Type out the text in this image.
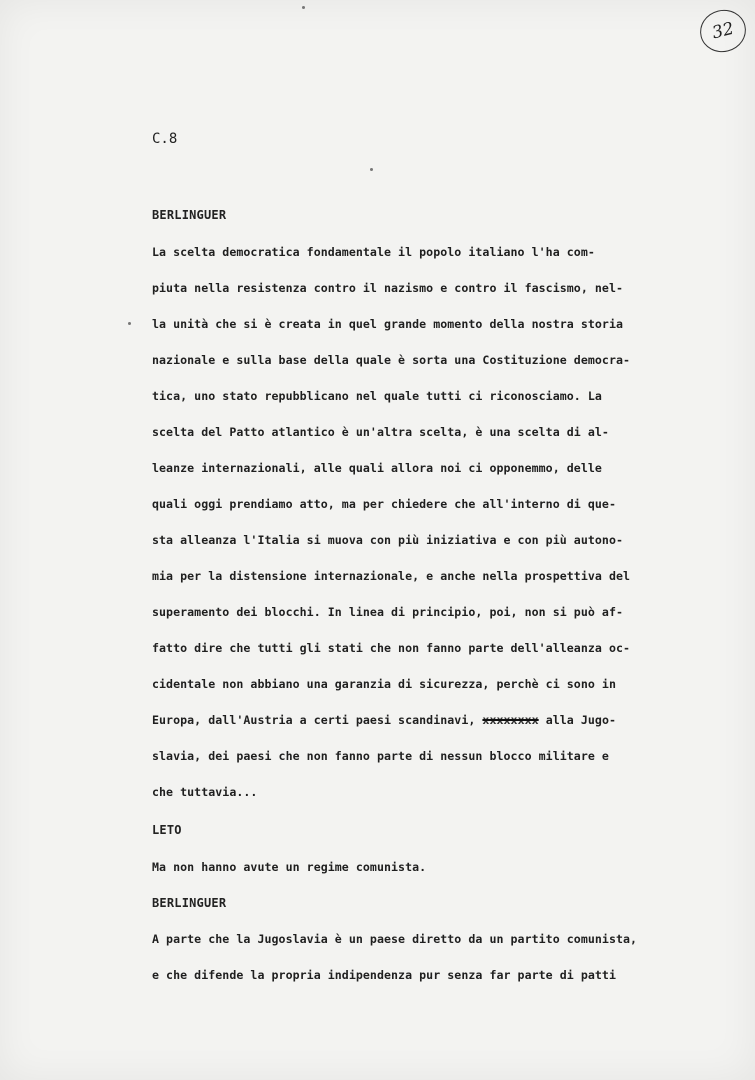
32
C.8
BERLINGUER
La scelta democratica fondamentale il popolo italiano l'ha com-
piuta nella resistenza contro il nazismo e contro il fascismo, nel-
la unità che si è creata in quel grande momento della nostra storia
nazionale e sulla base della quale è sorta una Costituzione democra-
tica, uno stato repubblicano nel quale tutti ci riconosciamo. La
scelta del Patto atlantico è un'altra scelta, è una scelta di al-
leanze internazionali, alle quali allora noi ci opponemmo, delle
quali oggi prendiamo atto, ma per chiedere che all'interno di que-
sta alleanza l'Italia si muova con più iniziativa e con più autono-
mia per la distensione internazionale, e anche nella prospettiva del
superamento dei blocchi. In linea di principio, poi, non si può af-
fatto dire che tutti gli stati che non fanno parte dell'alleanza oc-
cidentale non abbiano una garanzia di sicurezza, perchè ci sono in
Europa, dall'Austria a certi paesi scandinavi, xxxxxxxx alla Jugo-
slavia, dei paesi che non fanno parte di nessun blocco militare e
che tuttavia...
LETO
Ma non hanno avute un regime comunista.
BERLINGUER
A parte che la Jugoslavia è un paese diretto da un partito comunista,
e che difende la propria indipendenza pur senza far parte di patti
